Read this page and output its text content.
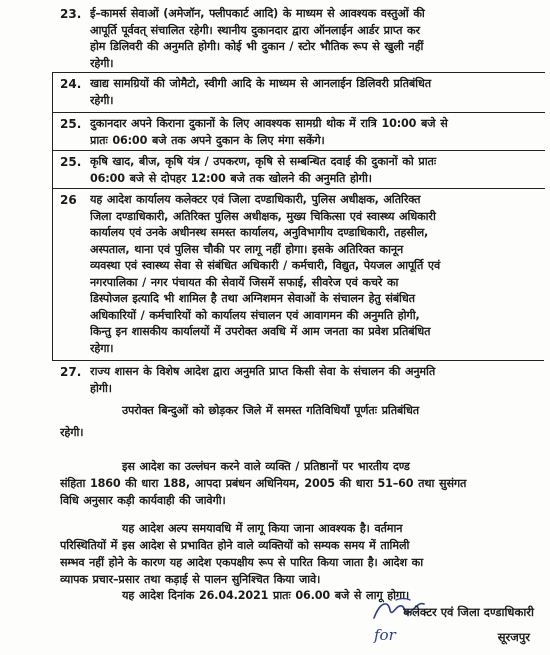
23. ई–कामर्स सेवाओं (अमेजॉन, फ्लीपकार्ट आदि) के माध्यम से आवश्यक वस्तुओं की
आपूर्ति पूर्ववत् संचालित रहेगी। स्थानीय दुकानदार द्वारा ऑनलाईन आर्डर प्राप्त कर
होम डिलिवरी की अनुमति होगी। कोई भी दुकान / स्टोर भौतिक रूप से खुली नहीं
रहेगी।
24. खाद्य सामग्रियों की जोमैटो, स्वीगी आदि के माध्यम से आनलाईन डिलिवरी प्रतिबंधित
रहेगी।
25. दुकानदार अपने किराना दुकानों के लिए आवश्यक सामग्री थोक में रात्रि 10:00 बजे से
प्रातः 06:00 बजे तक अपने दुकान के लिए मंगा सकेंगे।
25. कृषि खाद, बीज, कृषि यंत्र / उपकरण, कृषि से सम्बन्धित दवाई की दुकानों को प्रातः
06:00 बजे से दोपहर 12:00 बजे तक खोलने की अनुमति होगी।
26 यह आदेश कार्यालय कलेक्टर एवं जिला दण्डाधिकारी, पुलिस अधीक्षक, अतिरिक्त
जिला दण्डाधिकारी, अतिरिक्त पुलिस अधीक्षक, मुख्य चिकित्सा एवं स्वास्थ्य अधिकारी
कार्यालय एवं उनके अधीनस्थ समस्त कार्यालय, अनुविभागीय दण्डाधिकारी, तहसील,
अस्पताल, थाना एवं पुलिस चौकी पर लागू नहीं होगा। इसके अतिरिक्त कानून
व्यवस्था एवं स्वास्थ्य सेवा से संबंधित अधिकारी / कर्मचारी, विद्युत, पेयजल आपूर्ति एवं
नगरपालिका / नगर पंचायत की सेवायें जिसमें सफाई, सीवरेज एवं कचरे का
डिस्पोजल इत्यादि भी शामिल है तथा अग्निशमन सेवाओं के संचालन हेतु संबंधित
अधिकारियों / कर्मचारियों को कार्यालय संचालन एवं आवागमन की अनुमति होगी,
किन्तु इन शासकीय कार्यालयों में उपरोक्त अवधि में आम जनता का प्रवेश प्रतिबंधित
रहेगा।
27. राज्य शासन के विशेष आदेश द्वारा अनुमति प्राप्त किसी सेवा के संचालन की अनुमति
होगी।
उपरोक्त बिन्दुओं को छोड़कर जिले में समस्त गतिविधियाँ पूर्णतः प्रतिबंधित
रहेगी।
इस आदेश का उल्लंघन करने वाले व्यक्ति / प्रतिष्ठानों पर भारतीय दण्ड
संहिता 1860 की धारा 188, आपदा प्रबंधन अधिनियम, 2005 की धारा 51–60 तथा सुसंगत
विधि अनुसार कड़ी कार्यवाही की जावेगी।
यह आदेश अल्प समयावधि में लागू किया जाना आवश्यक है। वर्तमान
परिस्थितियों में इस आदेश से प्रभावित होने वाले व्यक्तियों को सम्यक समय में तामिली
सम्भव नहीं होने के कारण यह आदेश एकपक्षीय रूप से पारित किया जाता है। आदेश का
व्यापक प्रचार–प्रसार तथा कड़ाई से पालन सुनिश्चित किया जावे।
यह आदेश दिनांक 26.04.2021 प्रातः 06.00 बजे से लागू होगा।
कलेक्टर एवं जिला दण्डाधिकारी
for	सूरजपुर
